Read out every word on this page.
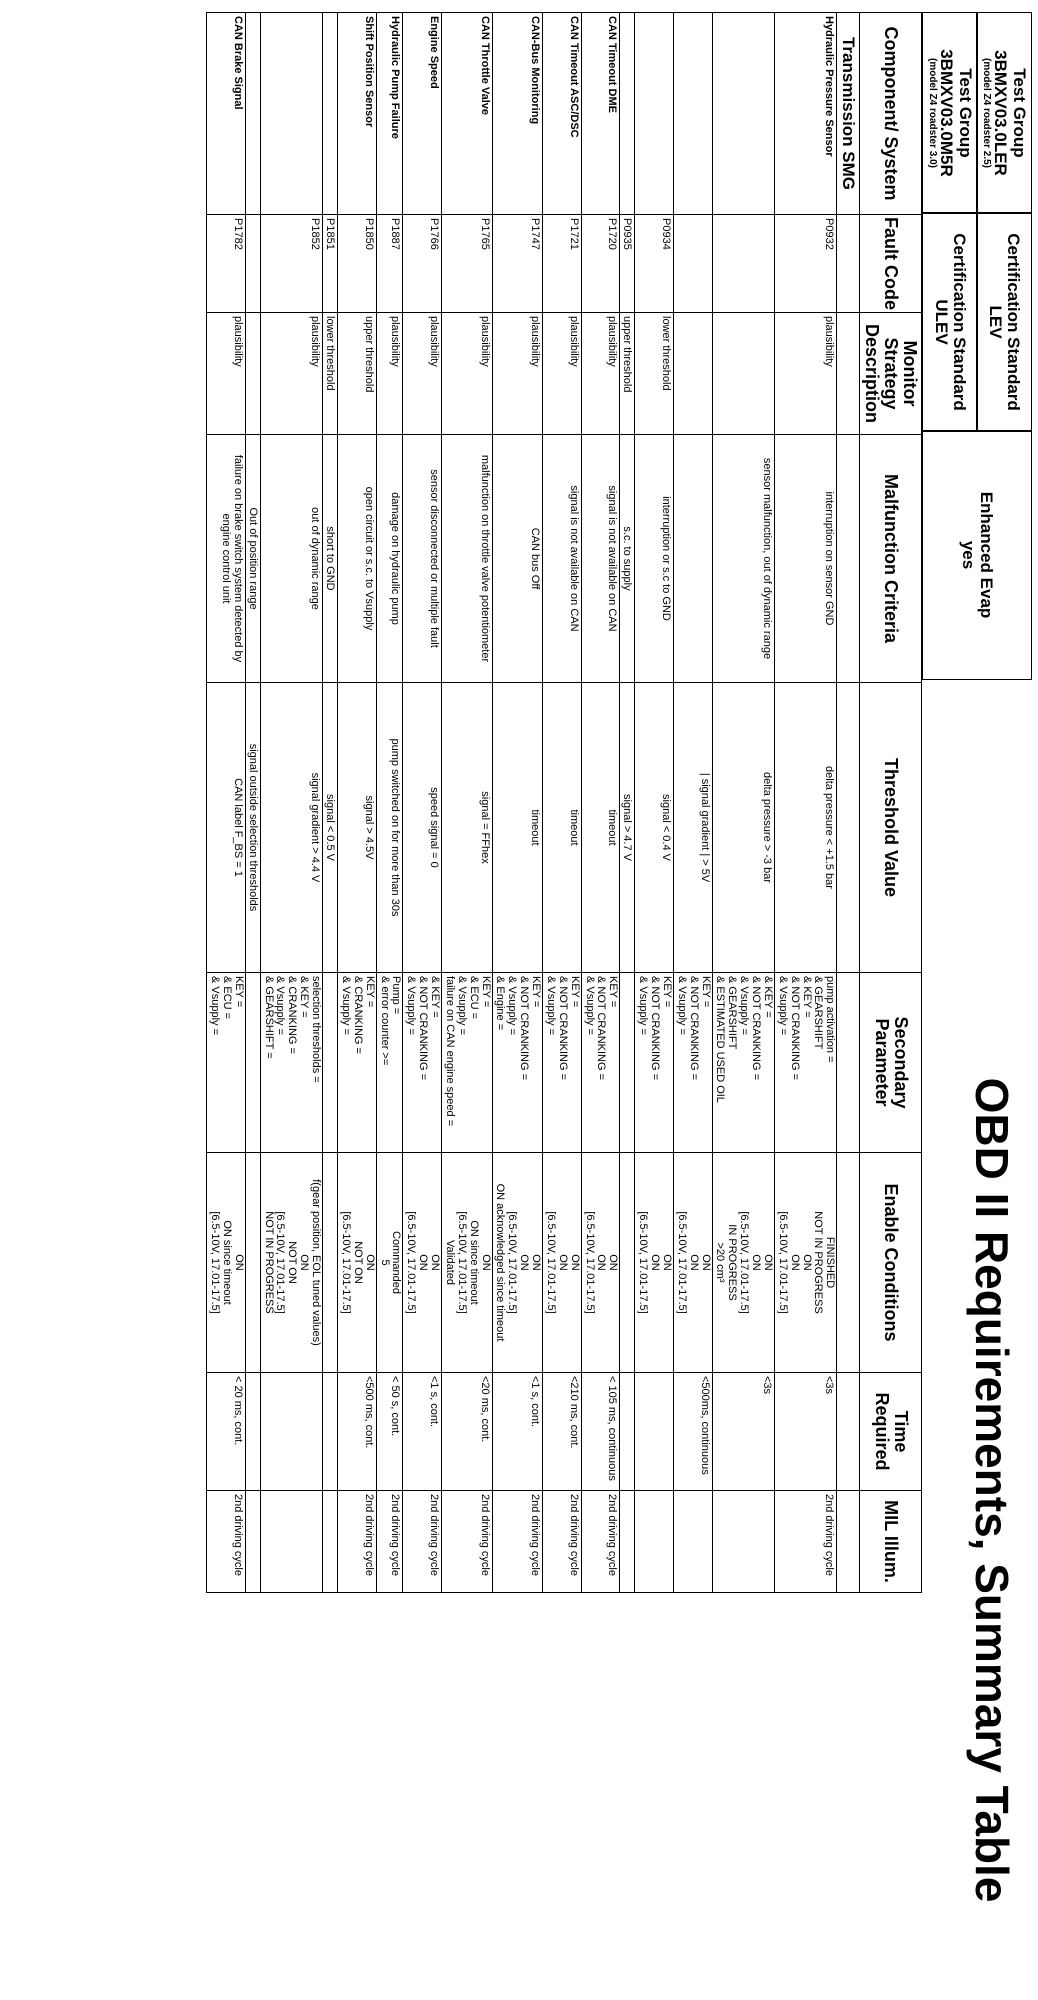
OBD II Requirements, Summary Table
Test Group
3BMXV03.0LER
(model Z4 roadster 2.5)
Test Group
3BMXV03.0M5R
(model Z4 roadster 3.0)
Certification Standard
LEV
Certification Standard
ULEV
Enhanced Evap
yes
Component/ System	Fault Code	Monitor Strategy Description	Malfunction Criteria	Threshold Value	Secondary Parameter	Enable Conditions	Time Required	MIL Illum.
Transmission SMG								
Hydraulic Pressure Sensor	P0932	plausibility	interruption on sensor GND	delta pressure < +1.5 bar	pump activation =
& GEARSHIFT
& KEY =
& NOT CRANKING =
& Vsupply =	FINISHED
NOT IN PROGRESS
ON
ON
[6.5-10V, 17.01-17.5]	<3s	2nd driving cycle
			sensor malfunction, out of dynamic range	delta pressure > -3 bar	& KEY =
& NOT CRANKING =
& Vsupply =
& GEARSHIFT
& ESTIMATED USED OIL	ON
ON
[6.5-10V, 17.01-17.5]
IN PROGRESS
>20 cm³	<3s	
				| signal gradient | > 5V	KEY =
& NOT CRANKING =
& Vsupply =	ON
ON
[6.5-10V, 17.01-17.5]	<500ms, continuous	
	P0934	lower threshold	interruption or s.c to GND	signal < 0.4 V	KEY =
& NOT CRANKING =
& Vsupply =	ON
ON
[6.5-10V, 17.01-17.5]		

	P0935	upper threshold	s.c. to supply	signal > 4.7 V				
CAN Timeout DME	P1720	plausibility	signal is not available on CAN	timeout	KEY =
& NOT CRANKING =
& Vsupply =	ON
ON
[6.5-10V, 17.01-17.5]	< 105 ms, continuous	2nd driving cycle
CAN Timeout ASC/DSC	P1721	plausibility	signal is not available on CAN	timeout	KEY =
& NOT CRANKING =
& Vsupply =	ON
ON
[6.5-10V, 17.01-17.5]	<210 ms, cont.	2nd driving cycle
CAN-Bus Monitoring	P1747	plausibility	CAN bus Off	timeout	KEY =
& NOT CRANKING =
& Vsupply =
& Engine =	ON
ON
[6.5-10V, 17.01-17.5]
ON acknowledged since timeout	<1 s, cont.	2nd driving cycle
CAN Throttle Valve	P1765	plausibility	malfunction on throttle valve potentiometer	signal = FFhex	KEY =
& ECU =
& Vsupply =
failure on CAN engine speed =	ON
ON since timeout
[6.5-10V, 17.01-17.5]
Validated	<20 ms, cont.	2nd driving cycle
Engine Speed	P1766	plausibility	sensor disconnected or multiple fault	speed signal = 0	& KEY =
& NOT CRANKING =
& Vsupply =	ON
ON
[6.5-10V, 17.01-17.5]	<1 s, cont.	2nd driving cycle
Hydraulic Pump Failure	P1887	plausibility	damage on hydraulic pump	pump switched on for more than 30s	Pump =
& error counter >=	Commanded
5	< 50 s, cont.	2nd driving cycle
Shift Position Sensor	P1850	upper threshold	open circuit or s.c. to Vsupply	signal > 4.5V	KEY =
& CRANKING =
& Vsupply =	ON
NOT ON
[6.5-10V, 17.01-17.5]	<500 ms, cont.	2nd driving cycle
	P1851	lower threshold	short to GND	signal < 0.5 V				
	P1852	plausibility	out of dynamic range	signal gradient > 4.4 V	selection thresholds =
& KEY =
& CRANKING =
& Vsupply =
& GEARSHIFT =	f(gear position, EOL tuned values)
ON
NOT ON
[6.5-10V, 17.01-17.5]
NOT IN PROGRESS		

			Out of position range	signal outside selection thresholds				
CAN Brake Signal	P1782	plausibility	failure on brake switch system detected by engine control unit	CAN label F_BS = 1	KEY =
& ECU =
& Vsupply =	ON
ON since timeout
[6.5-10V, 17.01-17.5]	< 20 ms, cont.	2nd driving cycle
